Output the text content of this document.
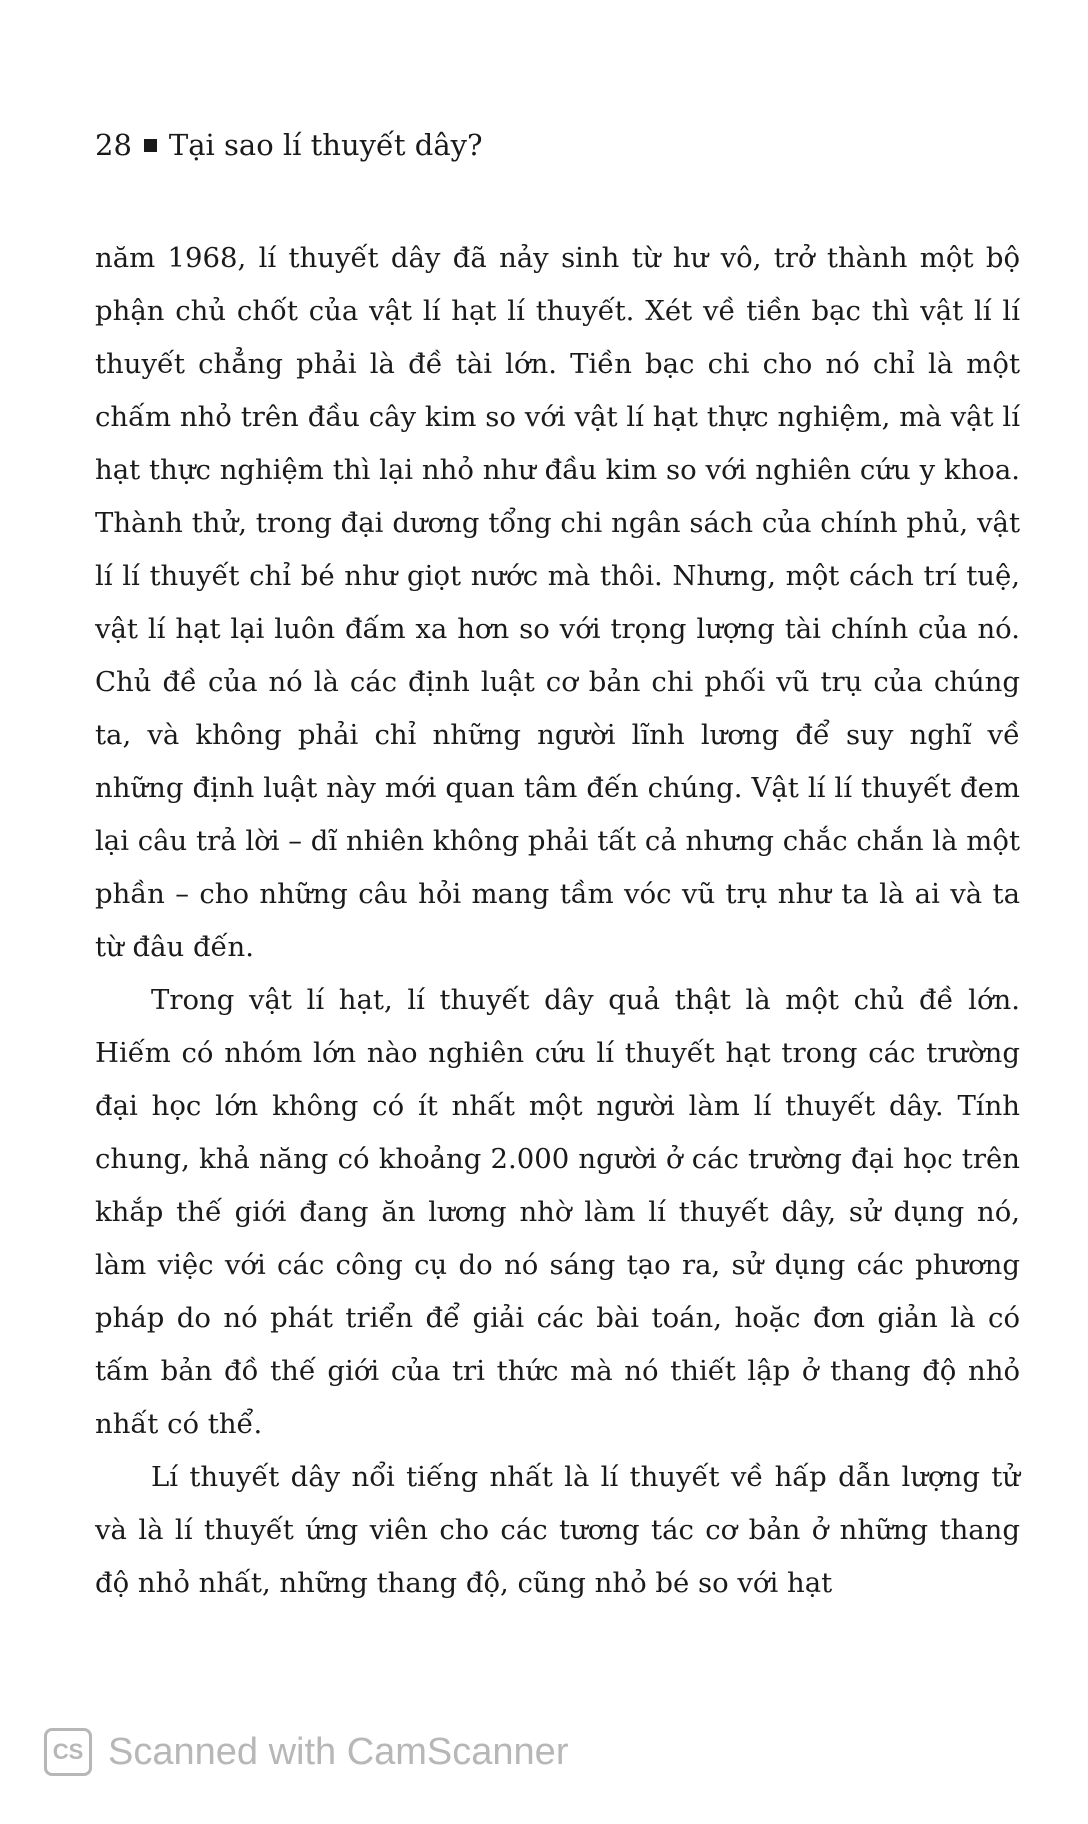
28 Tại sao lí thuyết dây?

năm 1968, lí thuyết dây đã nảy sinh từ hư vô, trở thành một bộ phận chủ chốt của vật lí hạt lí thuyết. Xét về tiền bạc thì vật lí lí thuyết chẳng phải là đề tài lớn. Tiền bạc chi cho nó chỉ là một chấm nhỏ trên đầu cây kim so với vật lí hạt thực nghiệm, mà vật lí hạt thực nghiệm thì lại nhỏ như đầu kim so với nghiên cứu y khoa. Thành thử, trong đại dương tổng chi ngân sách của chính phủ, vật lí lí thuyết chỉ bé như giọt nước mà thôi. Nhưng, một cách trí tuệ, vật lí hạt lại luôn đấm xa hơn so với trọng lượng tài chính của nó. Chủ đề của nó là các định luật cơ bản chi phối vũ trụ của chúng ta, và không phải chỉ những người lĩnh lương để suy nghĩ về những định luật này mới quan tâm đến chúng. Vật lí lí thuyết đem lại câu trả lời – dĩ nhiên không phải tất cả nhưng chắc chắn là một phần – cho những câu hỏi mang tầm vóc vũ trụ như ta là ai và ta từ đâu đến.

Trong vật lí hạt, lí thuyết dây quả thật là một chủ đề lớn. Hiếm có nhóm lớn nào nghiên cứu lí thuyết hạt trong các trường đại học lớn không có ít nhất một người làm lí thuyết dây. Tính chung, khả năng có khoảng 2.000 người ở các trường đại học trên khắp thế giới đang ăn lương nhờ làm lí thuyết dây, sử dụng nó, làm việc với các công cụ do nó sáng tạo ra, sử dụng các phương pháp do nó phát triển để giải các bài toán, hoặc đơn giản là có tấm bản đồ thế giới của tri thức mà nó thiết lập ở thang độ nhỏ nhất có thể.

Lí thuyết dây nổi tiếng nhất là lí thuyết về hấp dẫn lượng tử và là lí thuyết ứng viên cho các tương tác cơ bản ở những thang độ nhỏ nhất, những thang độ, cũng nhỏ bé so với hạt

CS Scanned with CamScanner
